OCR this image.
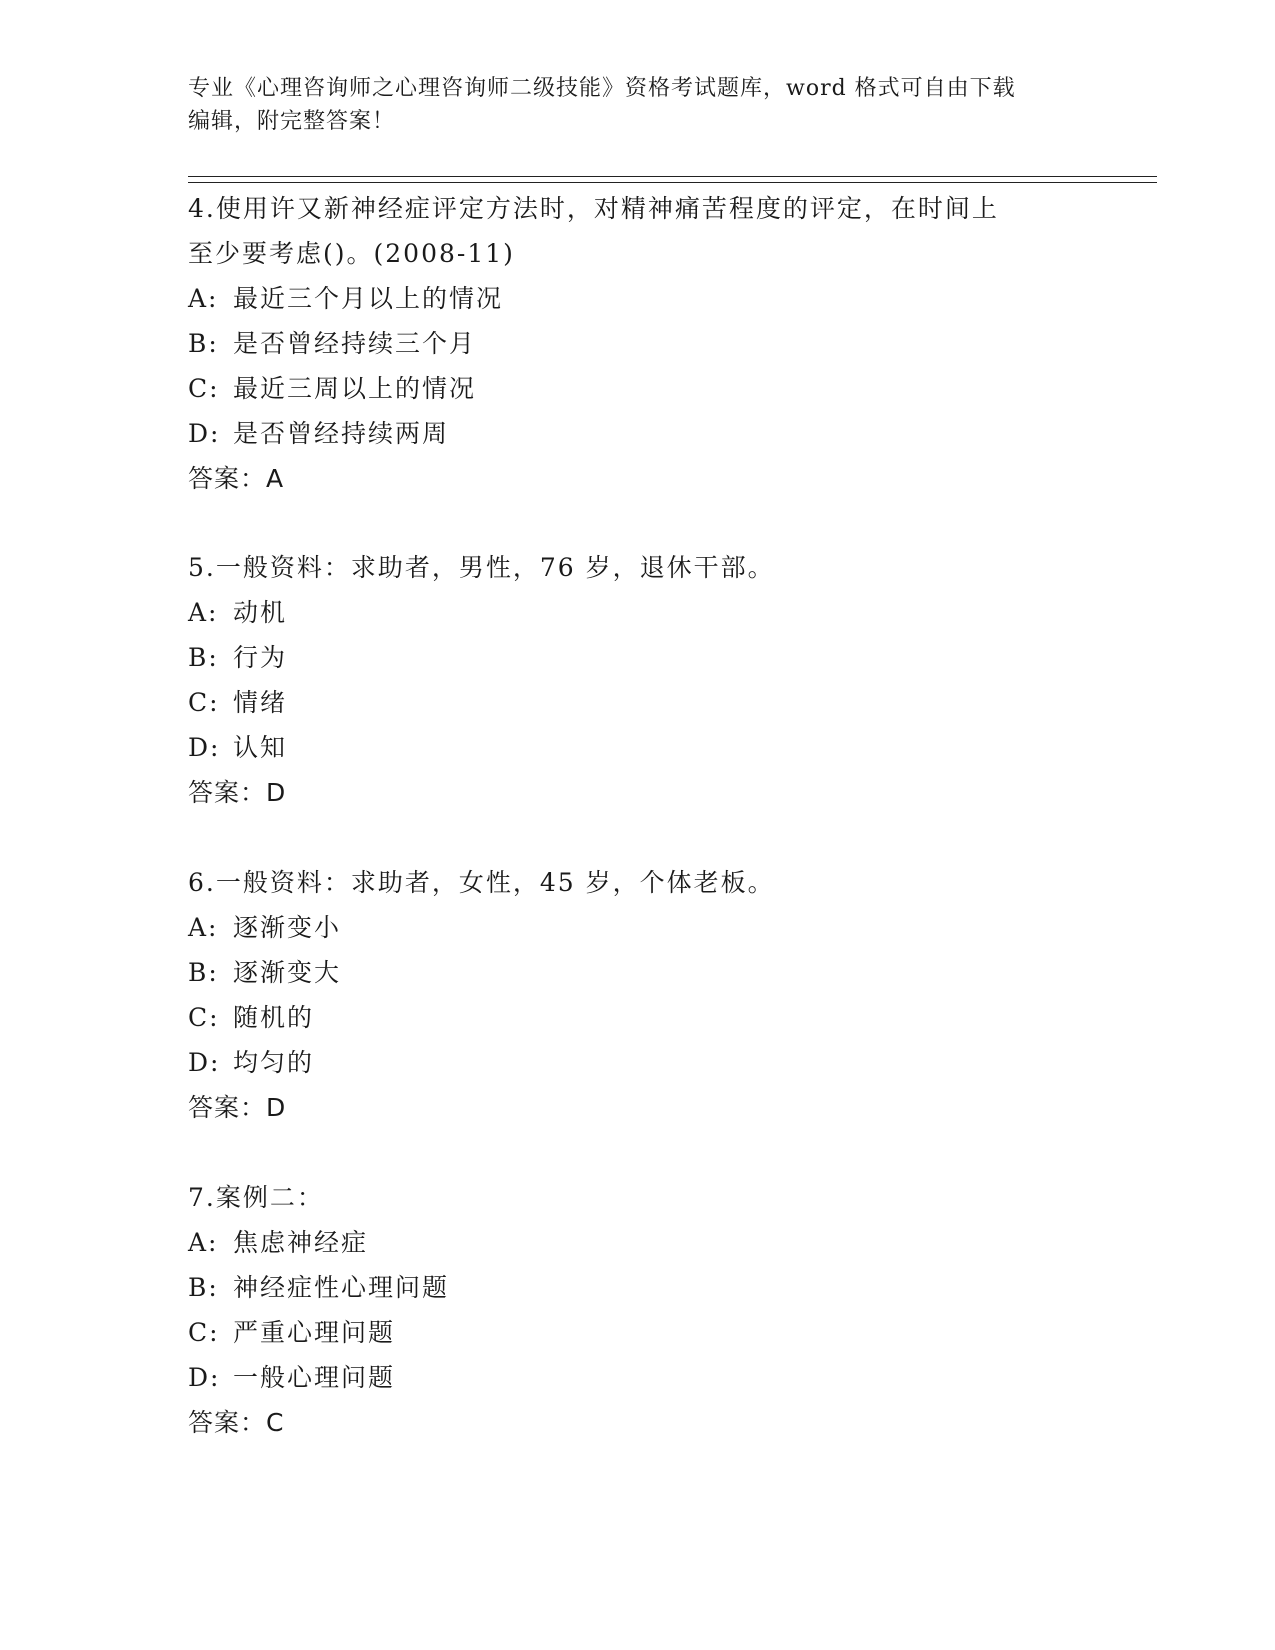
专业《心理咨询师之心理咨询师二级技能》资格考试题库，word 格式可自由下载
编辑，附完整答案！
4.使用许又新神经症评定方法时，对精神痛苦程度的评定，在时间上
至少要考虑()。(2008-11)
A: 最近三个月以上的情况
B: 是否曾经持续三个月
C: 最近三周以上的情况
D: 是否曾经持续两周
答案：A
5.一般资料：求助者，男性，76 岁，退休干部。
A: 动机
B: 行为
C: 情绪
D: 认知
答案：D
6.一般资料：求助者，女性，45 岁，个体老板。
A: 逐渐变小
B: 逐渐变大
C: 随机的
D: 均匀的
答案：D
7.案例二：
A: 焦虑神经症
B: 神经症性心理问题
C: 严重心理问题
D: 一般心理问题
答案：C
